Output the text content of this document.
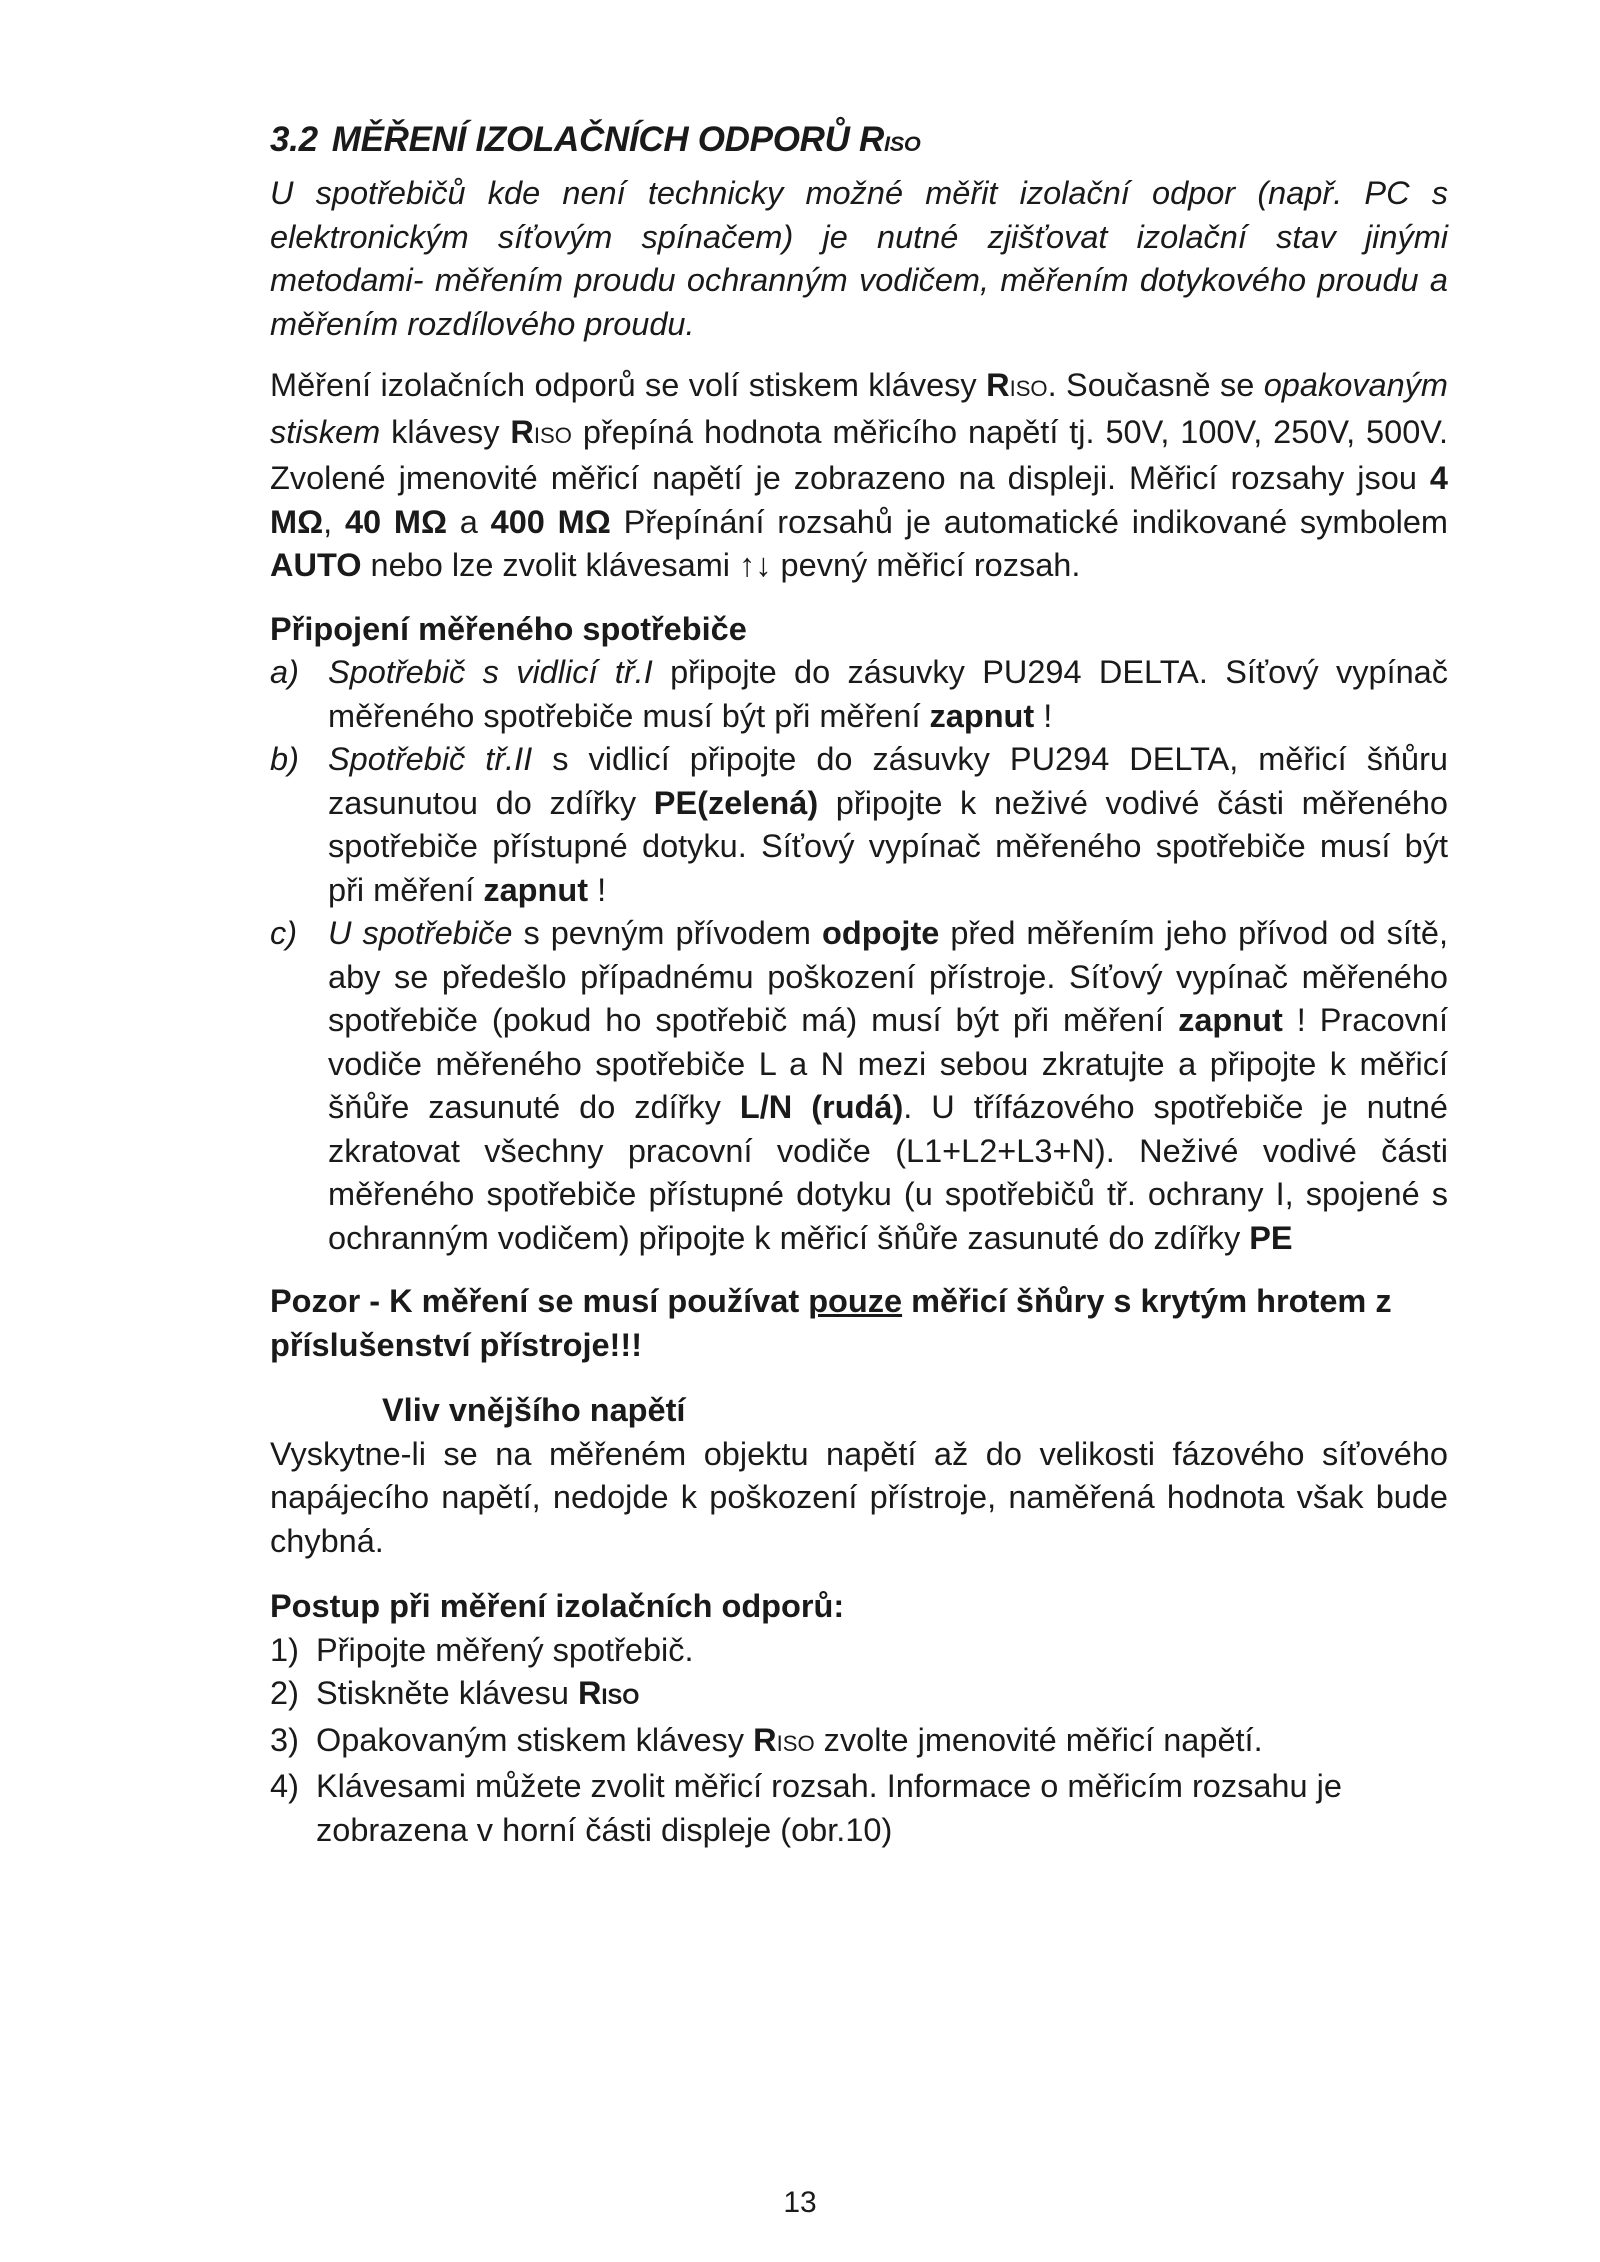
3.2 MĚŘENÍ IZOLAČNÍCH ODPORŮ RISO

U spotřebičů kde není technicky možné měřit izolační odpor (např. PC s elektronickým síťovým spínačem) je nutné zjišťovat izolační stav jinými metodami- měřením proudu ochranným vodičem, měřením dotykového proudu a měřením rozdílového proudu.

Měření izolačních odporů se volí stiskem klávesy RISO. Současně se opakovaným stiskem klávesy RISO přepíná hodnota měřicího napětí tj. 50V, 100V, 250V, 500V. Zvolené jmenovité měřicí napětí je zobrazeno na displeji. Měřicí rozsahy jsou 4 MΩ, 40 MΩ a 400 MΩ Přepínání rozsahů je automatické indikované symbolem AUTO nebo lze zvolit klávesami ↑↓ pevný měřicí rozsah.

Připojení měřeného spotřebiče
a) Spotřebič s vidlicí tř.I připojte do zásuvky PU294 DELTA. Síťový vypínač měřeného spotřebiče musí být při měření zapnut !
b) Spotřebič tř.II s vidlicí připojte do zásuvky PU294 DELTA, měřicí šňůru zasunutou do zdířky PE(zelená) připojte k neživé vodivé části měřeného spotřebiče přístupné dotyku. Síťový vypínač měřeného spotřebiče musí být při měření zapnut !
c) U spotřebiče s pevným přívodem odpojte před měřením jeho přívod od sítě, aby se předešlo případnému poškození přístroje. Síťový vypínač měřeného spotřebiče (pokud ho spotřebič má) musí být při měření zapnut ! Pracovní vodiče měřeného spotřebiče L a N mezi sebou zkratujte a připojte k měřicí šňůře zasunuté do zdířky L/N (rudá). U třífázového spotřebiče je nutné zkratovat všechny pracovní vodiče (L1+L2+L3+N). Neživé vodivé části měřeného spotřebiče přístupné dotyku (u spotřebičů tř. ochrany I, spojené s ochranným vodičem) připojte k měřicí šňůře zasunuté do zdířky PE

Pozor - K měření se musí používat pouze měřicí šňůry s krytým hrotem z příslušenství přístroje!!!

Vliv vnějšího napětí

Vyskytne-li se na měřeném objektu napětí až do velikosti fázového síťového napájecího napětí, nedojde k poškození přístroje, naměřená hodnota však bude chybná.

Postup při měření izolačních odporů:
1) Připojte měřený spotřebič.
2) Stiskněte klávesu RISO
3) Opakovaným stiskem klávesy RISO zvolte jmenovité měřicí napětí.
4) Klávesami můžete zvolit měřicí rozsah. Informace o měřicím rozsahu je zobrazena v horní části displeje (obr.10)
13
